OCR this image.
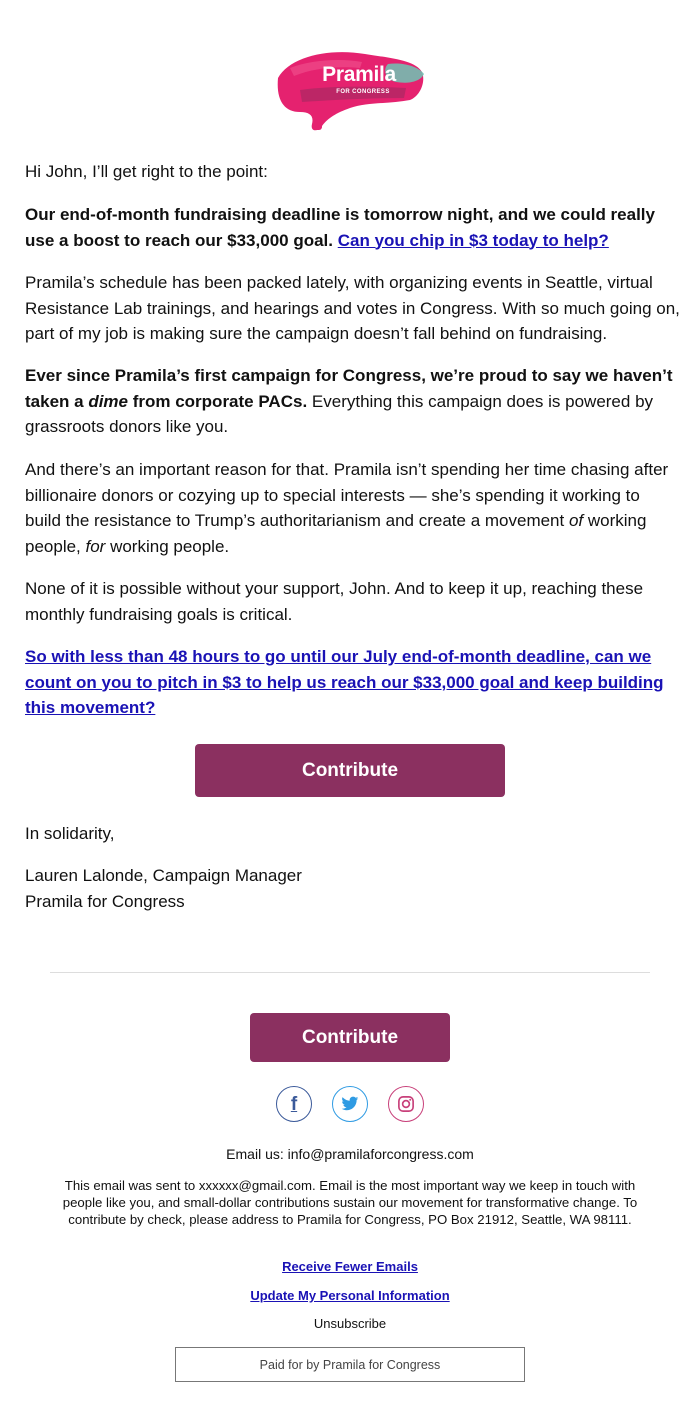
Pramila
FOR CONGRESS

Hi John, I’ll get right to the point:

Our end-of-month fundraising deadline is tomorrow night, and we could really use a boost to reach our $33,000 goal. Can you chip in $3 today to help?

Pramila’s schedule has been packed lately, with organizing events in Seattle, virtual Resistance Lab trainings, and hearings and votes in Congress. With so much going on, part of my job is making sure the campaign doesn’t fall behind on fundraising.

Ever since Pramila’s first campaign for Congress, we’re proud to say we haven’t taken a dime from corporate PACs. Everything this campaign does is powered by grassroots donors like you.

And there’s an important reason for that. Pramila isn’t spending her time chasing after billionaire donors or cozying up to special interests — she’s spending it working to build the resistance to Trump’s authoritarianism and create a movement of working people, for working people.

None of it is possible without your support, John. And to keep it up, reaching these monthly fundraising goals is critical.

So with less than 48 hours to go until our July end-of-month deadline, can we count on you to pitch in $3 to help us reach our $33,000 goal and keep building this movement?

Contribute

In solidarity,

Lauren Lalonde, Campaign Manager

Pramila for Congress

Contribute
f
Email us: info@pramilaforcongress.com
This email was sent to xxxxxx@gmail.com. Email is the most important way we keep in touch with people like you, and small-dollar contributions sustain our movement for transformative change. To contribute by check, please address to Pramila for Congress, PO Box 21912, Seattle, WA 98111.
Receive Fewer Emails
Update My Personal Information
Unsubscribe
Paid for by Pramila for Congress
